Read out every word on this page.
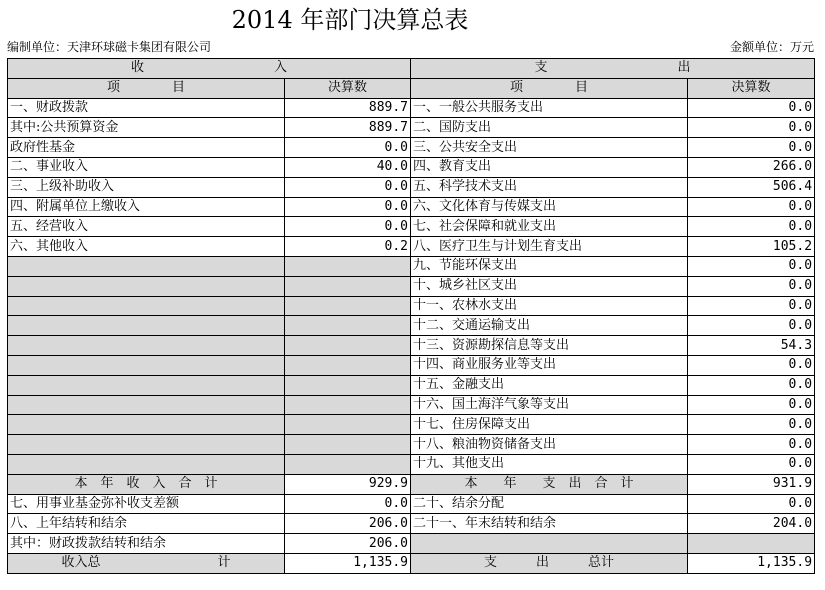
2014 年部门决算总表
编制单位：天津环球磁卡集团有限公司	金额单位：万元
收　　　　　　　　　　入		支　　　　　　　　　　出	
项　　　　目	决算数	项　　　　目	决算数
一、财政拨款	889.7	一、一般公共服务支出	0.0
其中:公共预算资金	889.7	二、国防支出	0.0
政府性基金	0.0	三、公共安全支出	0.0
二、事业收入	40.0	四、教育支出	266.0
三、上级补助收入	0.0	五、科学技术支出	506.4
四、附属单位上缴收入	0.0	六、文化体育与传媒支出	0.0
五、经营收入	0.0	七、社会保障和就业支出	0.0
六、其他收入	0.2	八、医疗卫生与计划生育支出	105.2
		九、节能环保支出	0.0
		十、城乡社区支出	0.0
		十一、农林水支出	0.0
		十二、交通运输支出	0.0
		十三、资源勘探信息等支出	54.3
		十四、商业服务业等支出	0.0
		十五、金融支出	0.0
		十六、国土海洋气象等支出	0.0
		十七、住房保障支出	0.0
		十八、粮油物资储备支出	0.0
		十九、其他支出	0.0
本　年　收　入　合　计	929.9	本　　年　　支　出　合　计	931.9
七、用事业基金弥补收支差额	0.0	二十、结余分配	0.0
八、上年结转和结余	206.0	二十一、年末结转和结余	204.0
其中：财政拨款结转和结余	206.0		
收入总　　　　　　　　　计	1,135.9	支　　　出　　　总计	1,135.9
